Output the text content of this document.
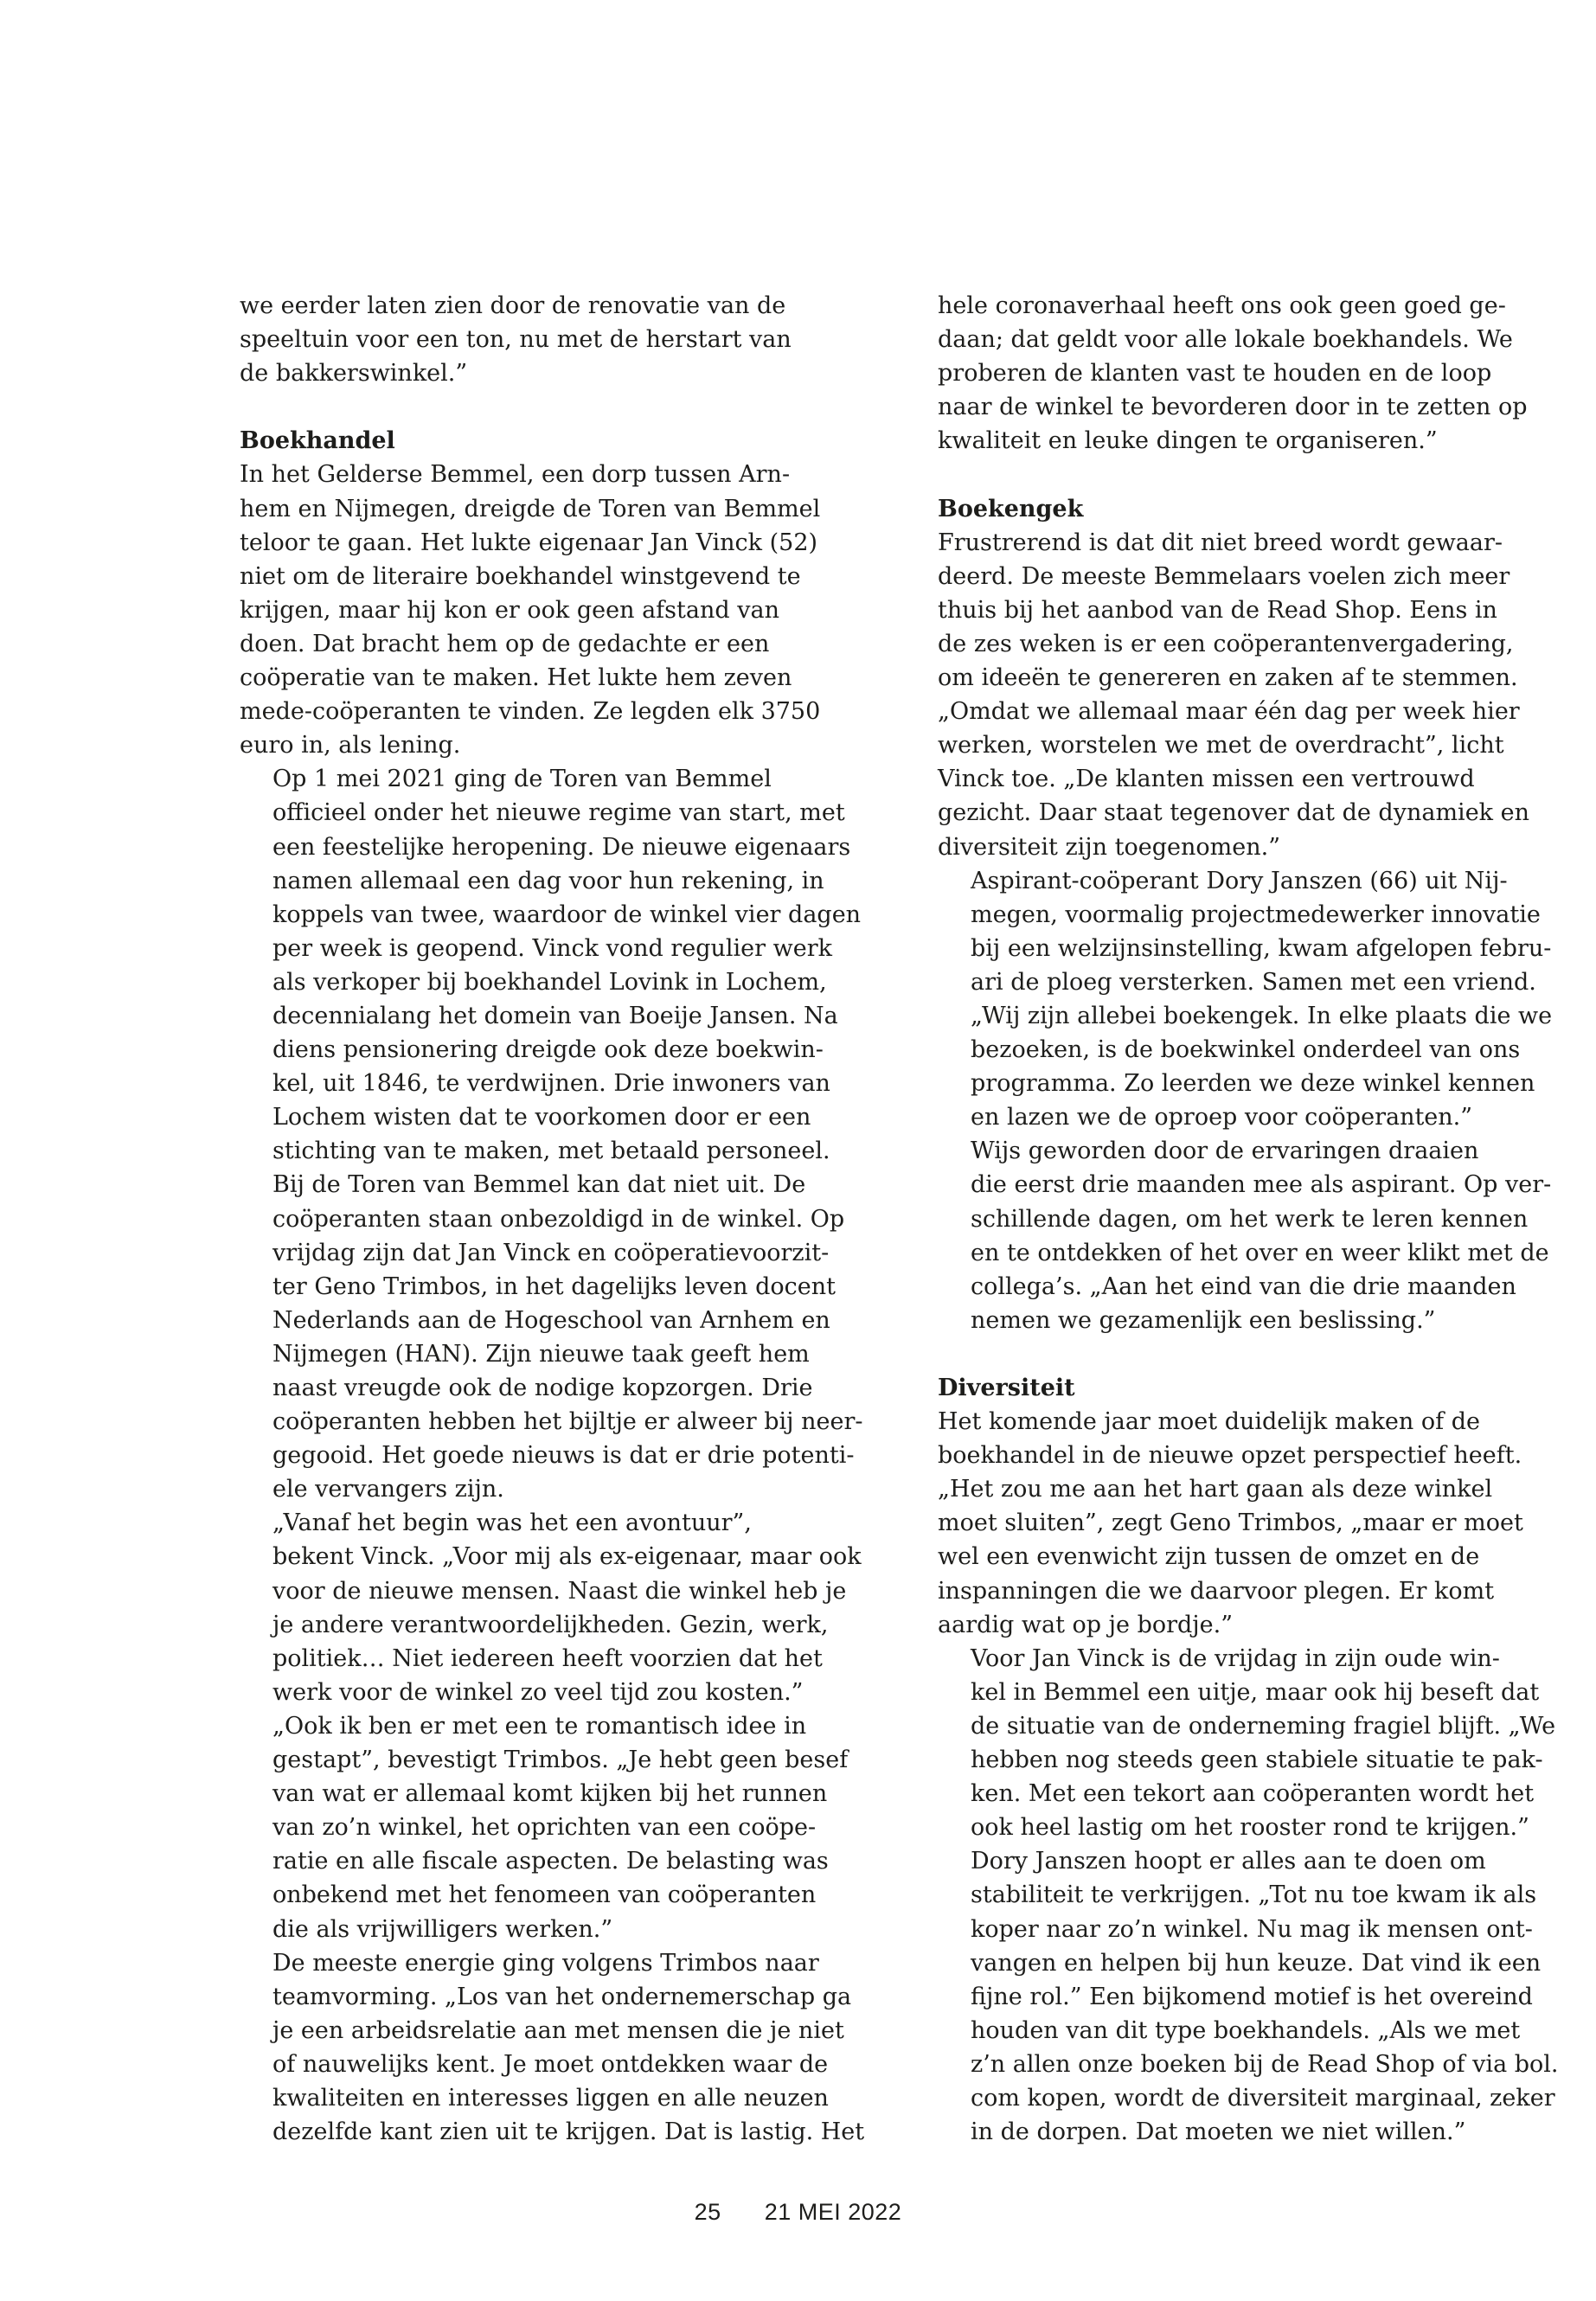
we eerder laten zien door de renovatie van de
speeltuin voor een ton, nu met de herstart van
de bakkerswinkel.”

Boekhandel

In het Gelderse Bemmel, een dorp tussen Arn-
hem en Nijmegen, dreigde de Toren van Bemmel
teloor te gaan. Het lukte eigenaar Jan Vinck (52)
niet om de literaire boekhandel winstgevend te
krijgen, maar hij kon er ook geen afstand van
doen. Dat bracht hem op de gedachte er een
coöperatie van te maken. Het lukte hem zeven
mede-coöperanten te vinden. Ze legden elk 3750
euro in, als lening.

Op 1 mei 2021 ging de Toren van Bemmel
officieel onder het nieuwe regime van start, met
een feestelijke heropening. De nieuwe eigenaars
namen allemaal een dag voor hun rekening, in
koppels van twee, waardoor de winkel vier dagen
per week is geopend. Vinck vond regulier werk
als verkoper bij boekhandel Lovink in Lochem,
decennialang het domein van Boeije Jansen. Na
diens pensionering dreigde ook deze boekwin-
kel, uit 1846, te verdwijnen. Drie inwoners van
Lochem wisten dat te voorkomen door er een
stichting van te maken, met betaald personeel.

Bij de Toren van Bemmel kan dat niet uit. De
coöperanten staan onbezoldigd in de winkel. Op
vrijdag zijn dat Jan Vinck en coöperatievoorzit-
ter Geno Trimbos, in het dagelijks leven docent
Nederlands aan de Hogeschool van Arnhem en
Nijmegen (HAN). Zijn nieuwe taak geeft hem
naast vreugde ook de nodige kopzorgen. Drie
coöperanten hebben het bijltje er alweer bij neer-
gegooid. Het goede nieuws is dat er drie potenti-
ele vervangers zijn.

„Vanaf het begin was het een avontuur”,
bekent Vinck. „Voor mij als ex-eigenaar, maar ook
voor de nieuwe mensen. Naast die winkel heb je
je andere verantwoordelijkheden. Gezin, werk,
politiek… Niet iedereen heeft voorzien dat het
werk voor de winkel zo veel tijd zou kosten.”

„Ook ik ben er met een te romantisch idee in
gestapt”, bevestigt Trimbos. „Je hebt geen besef
van wat er allemaal komt kijken bij het runnen
van zo’n winkel, het oprichten van een coöpe-
ratie en alle fiscale aspecten. De belasting was
onbekend met het fenomeen van coöperanten
die als vrijwilligers werken.”

De meeste energie ging volgens Trimbos naar
teamvorming. „Los van het ondernemerschap ga
je een arbeidsrelatie aan met mensen die je niet
of nauwelijks kent. Je moet ontdekken waar de
kwaliteiten en interesses liggen en alle neuzen
dezelfde kant zien uit te krijgen. Dat is lastig. Het

hele coronaverhaal heeft ons ook geen goed ge-
daan; dat geldt voor alle lokale boekhandels. We
proberen de klanten vast te houden en de loop
naar de winkel te bevorderen door in te zetten op
kwaliteit en leuke dingen te organiseren.”

Boekengek

Frustrerend is dat dit niet breed wordt gewaar-
deerd. De meeste Bemmelaars voelen zich meer
thuis bij het aanbod van de Read Shop. Eens in
de zes weken is er een coöperantenvergadering,
om ideeën te genereren en zaken af te stemmen.
„Omdat we allemaal maar één dag per week hier
werken, worstelen we met de overdracht”, licht
Vinck toe. „De klanten missen een vertrouwd
gezicht. Daar staat tegenover dat de dynamiek en
diversiteit zijn toegenomen.”

Aspirant-coöperant Dory Janszen (66) uit Nij-
megen, voormalig projectmedewerker innovatie
bij een welzijnsinstelling, kwam afgelopen febru-
ari de ploeg versterken. Samen met een vriend.
„Wij zijn allebei boekengek. In elke plaats die we
bezoeken, is de boekwinkel onderdeel van ons
programma. Zo leerden we deze winkel kennen
en lazen we de oproep voor coöperanten.”

Wijs geworden door de ervaringen draaien
die eerst drie maanden mee als aspirant. Op ver-
schillende dagen, om het werk te leren kennen
en te ontdekken of het over en weer klikt met de
collega’s. „Aan het eind van die drie maanden
nemen we gezamenlijk een beslissing.”

Diversiteit

Het komende jaar moet duidelijk maken of de
boekhandel in de nieuwe opzet perspectief heeft.
„Het zou me aan het hart gaan als deze winkel
moet sluiten”, zegt Geno Trimbos, „maar er moet
wel een evenwicht zijn tussen de omzet en de
inspanningen die we daarvoor plegen. Er komt
aardig wat op je bordje.”

Voor Jan Vinck is de vrijdag in zijn oude win-
kel in Bemmel een uitje, maar ook hij beseft dat
de situatie van de onderneming fragiel blijft. „We
hebben nog steeds geen stabiele situatie te pak-
ken. Met een tekort aan coöperanten wordt het
ook heel lastig om het rooster rond te krijgen.”

Dory Janszen hoopt er alles aan te doen om
stabiliteit te verkrijgen. „Tot nu toe kwam ik als
koper naar zo’n winkel. Nu mag ik mensen ont-
vangen en helpen bij hun keuze. Dat vind ik een
fijne rol.” Een bijkomend motief is het overeind
houden van dit type boekhandels. „Als we met
z’n allen onze boeken bij de Read Shop of via bol.
com kopen, wordt de diversiteit marginaal, zeker
in de dorpen. Dat moeten we niet willen.”

25 21 MEI 2022
